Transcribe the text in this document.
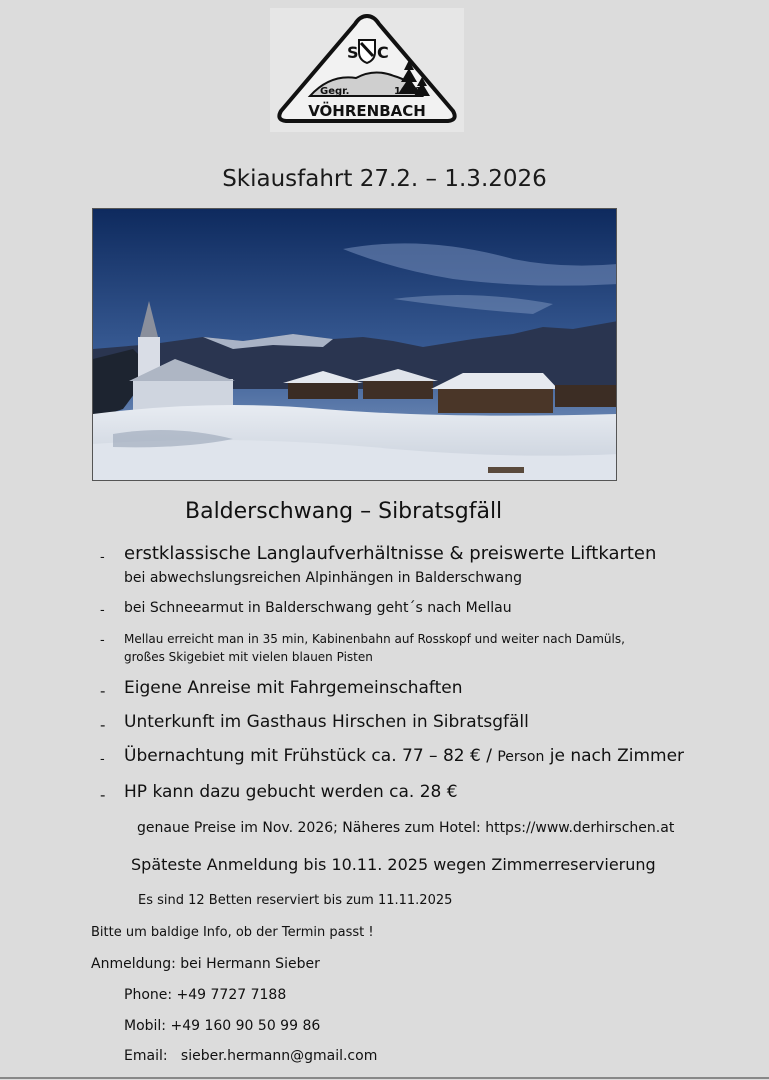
S C
Gegr.	1911
VÖHRENBACH
Skiausfahrt 27.2. – 1.3.2026
Balderschwang – Sibratsgfäll
- erstklassische Langlaufverhältnisse & preiswerte Liftkarten
bei abwechslungsreichen Alpinhängen in Balderschwang
- bei Schneearmut in Balderschwang geht´s nach Mellau
- Mellau erreicht man in 35 min, Kabinenbahn auf Rosskopf und weiter nach Damüls,
großes Skigebiet mit vielen blauen Pisten
- Eigene Anreise mit Fahrgemeinschaften
- Unterkunft im Gasthaus Hirschen in Sibratsgfäll
- Übernachtung mit Frühstück ca. 77 – 82 € / Person je nach Zimmer
- HP kann dazu gebucht werden ca. 28 €
genaue Preise im Nov. 2026; Näheres zum Hotel: https://www.derhirschen.at
Späteste Anmeldung bis 10.11. 2025 wegen Zimmerreservierung
Es sind 12 Betten reserviert bis zum 11.11.2025
Bitte um baldige Info, ob der Termin passt !
Anmeldung: bei Hermann Sieber
Phone: +49 7727 7188
Mobil: +49 160 90 50 99 86
Email: sieber.hermann@gmail.com
